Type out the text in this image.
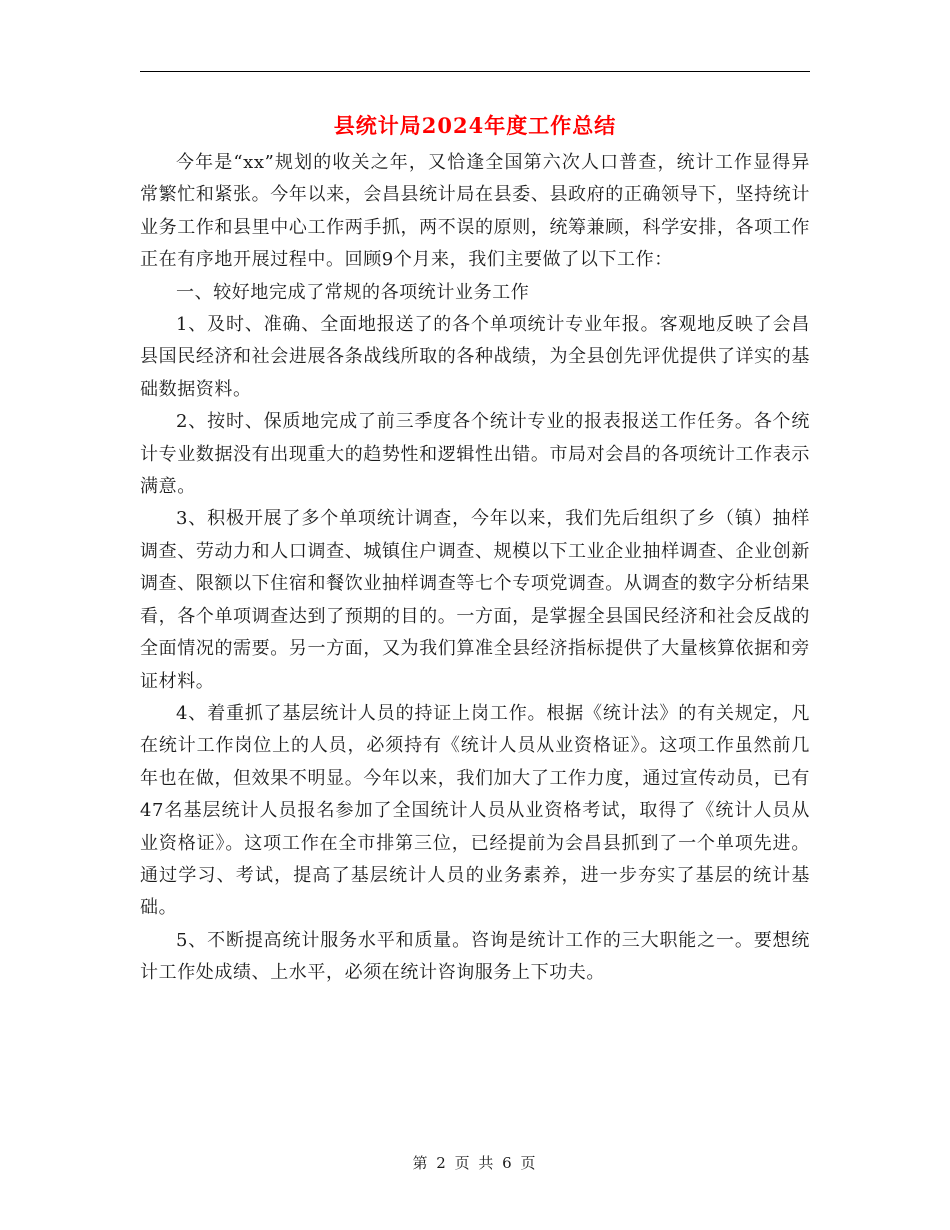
县统计局2024年度工作总结

今年是“xx”规划的收关之年，又恰逢全国第六次人口普查，统计工作显得异常繁忙和紧张。今年以来，会昌县统计局在县委、县政府的正确领导下，坚持统计业务工作和县里中心工作两手抓，两不误的原则，统筹兼顾，科学安排，各项工作正在有序地开展过程中。回顾9个月来，我们主要做了以下工作：

一、较好地完成了常规的各项统计业务工作

1、及时、准确、全面地报送了的各个单项统计专业年报。客观地反映了会昌县国民经济和社会进展各条战线所取的各种战绩，为全县创先评优提供了详实的基础数据资料。

2、按时、保质地完成了前三季度各个统计专业的报表报送工作任务。各个统计专业数据没有出现重大的趋势性和逻辑性出错。市局对会昌的各项统计工作表示满意。

3、积极开展了多个单项统计调查，今年以来，我们先后组织了乡（镇）抽样调查、劳动力和人口调查、城镇住户调查、规模以下工业企业抽样调查、企业创新调查、限额以下住宿和餐饮业抽样调查等七个专项党调查。从调查的数字分析结果看，各个单项调查达到了预期的目的。一方面，是掌握全县国民经济和社会反战的全面情况的需要。另一方面，又为我们算准全县经济指标提供了大量核算依据和旁证材料。

4、着重抓了基层统计人员的持证上岗工作。根据《统计法》的有关规定，凡在统计工作岗位上的人员，必须持有《统计人员从业资格证》。这项工作虽然前几年也在做，但效果不明显。今年以来，我们加大了工作力度，通过宣传动员，已有47名基层统计人员报名参加了全国统计人员从业资格考试，取得了《统计人员从业资格证》。这项工作在全市排第三位，已经提前为会昌县抓到了一个单项先进。通过学习、考试，提高了基层统计人员的业务素养，进一步夯实了基层的统计基础。

5、不断提高统计服务水平和质量。咨询是统计工作的三大职能之一。要想统计工作处成绩、上水平，必须在统计咨询服务上下功夫。

第 2 页 共 6 页
